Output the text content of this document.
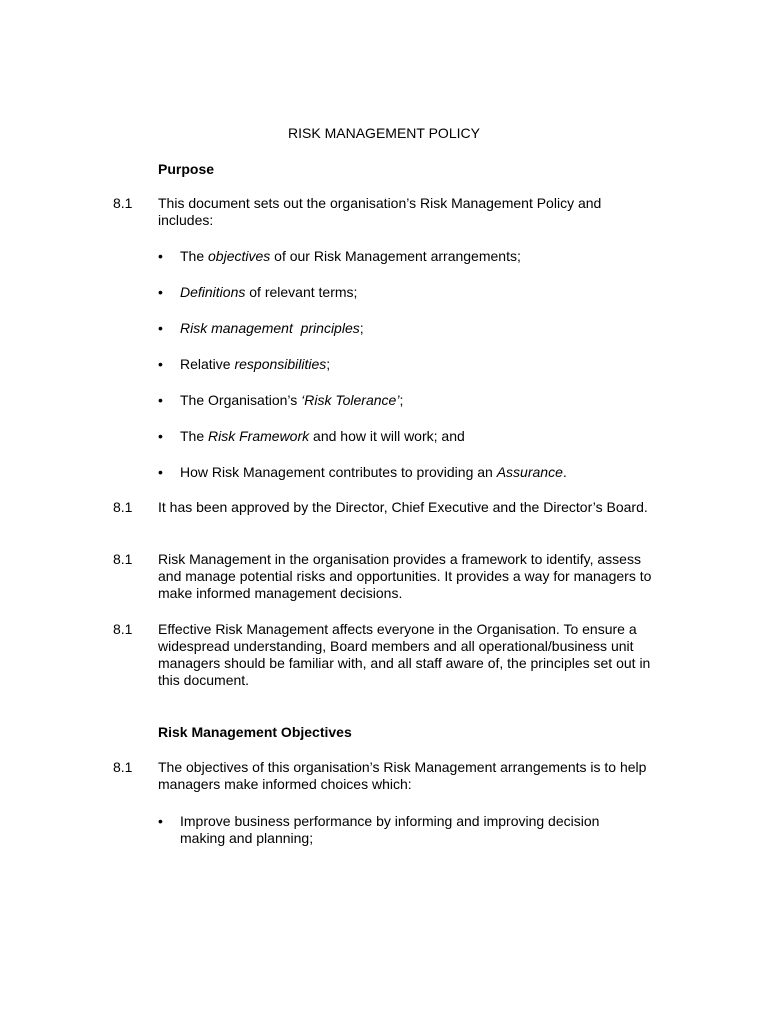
RISK MANAGEMENT POLICY
Purpose
8.1 This document sets out the organisation’s Risk Management Policy and includes:
•	The objectives of our Risk Management arrangements;
•	Definitions of relevant terms;
•	Risk management  principles;
•	Relative responsibilities;
•	The Organisation’s ‘Risk Tolerance’;
•	The Risk Framework and how it will work; and
•	How Risk Management contributes to providing an Assurance.
8.1 It has been approved by the Director, Chief Executive and the Director’s Board.
8.1 Risk Management in the organisation provides a framework to identify, assess and manage potential risks and opportunities. It provides a way for managers to make informed management decisions.
8.1 Effective Risk Management affects everyone in the Organisation. To ensure a widespread understanding, Board members and all operational/business unit managers should be familiar with, and all staff aware of, the principles set out in this document.
Risk Management Objectives
8.1 The objectives of this organisation’s Risk Management arrangements is to help managers make informed choices which:
•	Improve business performance by informing and improving decision making and planning;
